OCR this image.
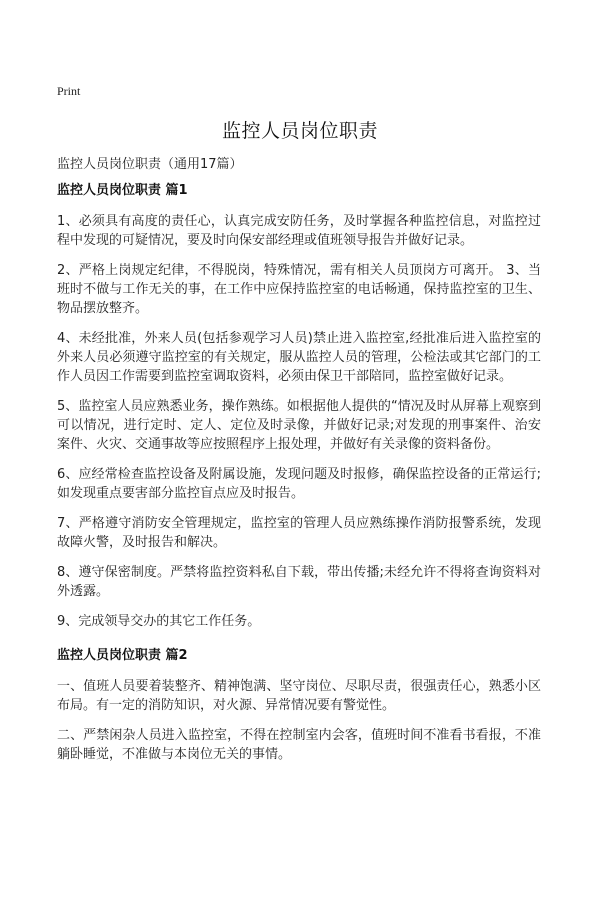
Print
监控人员岗位职责
监控人员岗位职责（通用17篇）
监控人员岗位职责 篇1

1、必须具有高度的责任心，认真完成安防任务，及时掌握各种监控信息，对监控过程中发现的可疑情况，要及时向保安部经理或值班领导报告并做好记录。

2、严格上岗规定纪律，不得脱岗，特殊情况，需有相关人员顶岗方可离开。 3、当班时不做与工作无关的事，在工作中应保持监控室的电话畅通，保持监控室的卫生、物品摆放整齐。

4、未经批准，外来人员(包括参观学习人员)禁止进入监控室,经批准后进入监控室的外来人员必须遵守监控室的有关规定，服从监控人员的管理，公检法或其它部门的工作人员因工作需要到监控室调取资料，必须由保卫干部陪同，监控室做好记录。

5、监控室人员应熟悉业务，操作熟练。如根据他人提供的“情况及时从屏幕上观察到可以情况，进行定时、定人、定位及时录像，并做好记录;对发现的刑事案件、治安案件、火灾、交通事故等应按照程序上报处理，并做好有关录像的资料备份。

6、应经常检查监控设备及附属设施，发现问题及时报修，确保监控设备的正常运行;如发现重点要害部分监控盲点应及时报告。

7、严格遵守消防安全管理规定，监控室的管理人员应熟练操作消防报警系统，发现故障火警，及时报告和解决。

8、遵守保密制度。严禁将监控资料私自下载，带出传播;未经允许不得将查询资料对外透露。

9、完成领导交办的其它工作任务。

监控人员岗位职责 篇2

一、值班人员要着装整齐、精神饱满、坚守岗位、尽职尽责，很强责任心，熟悉小区布局。有一定的消防知识，对火源、异常情况要有警觉性。

二、严禁闲杂人员进入监控室，不得在控制室内会客，值班时间不准看书看报，不准躺卧睡觉，不准做与本岗位无关的事情。
